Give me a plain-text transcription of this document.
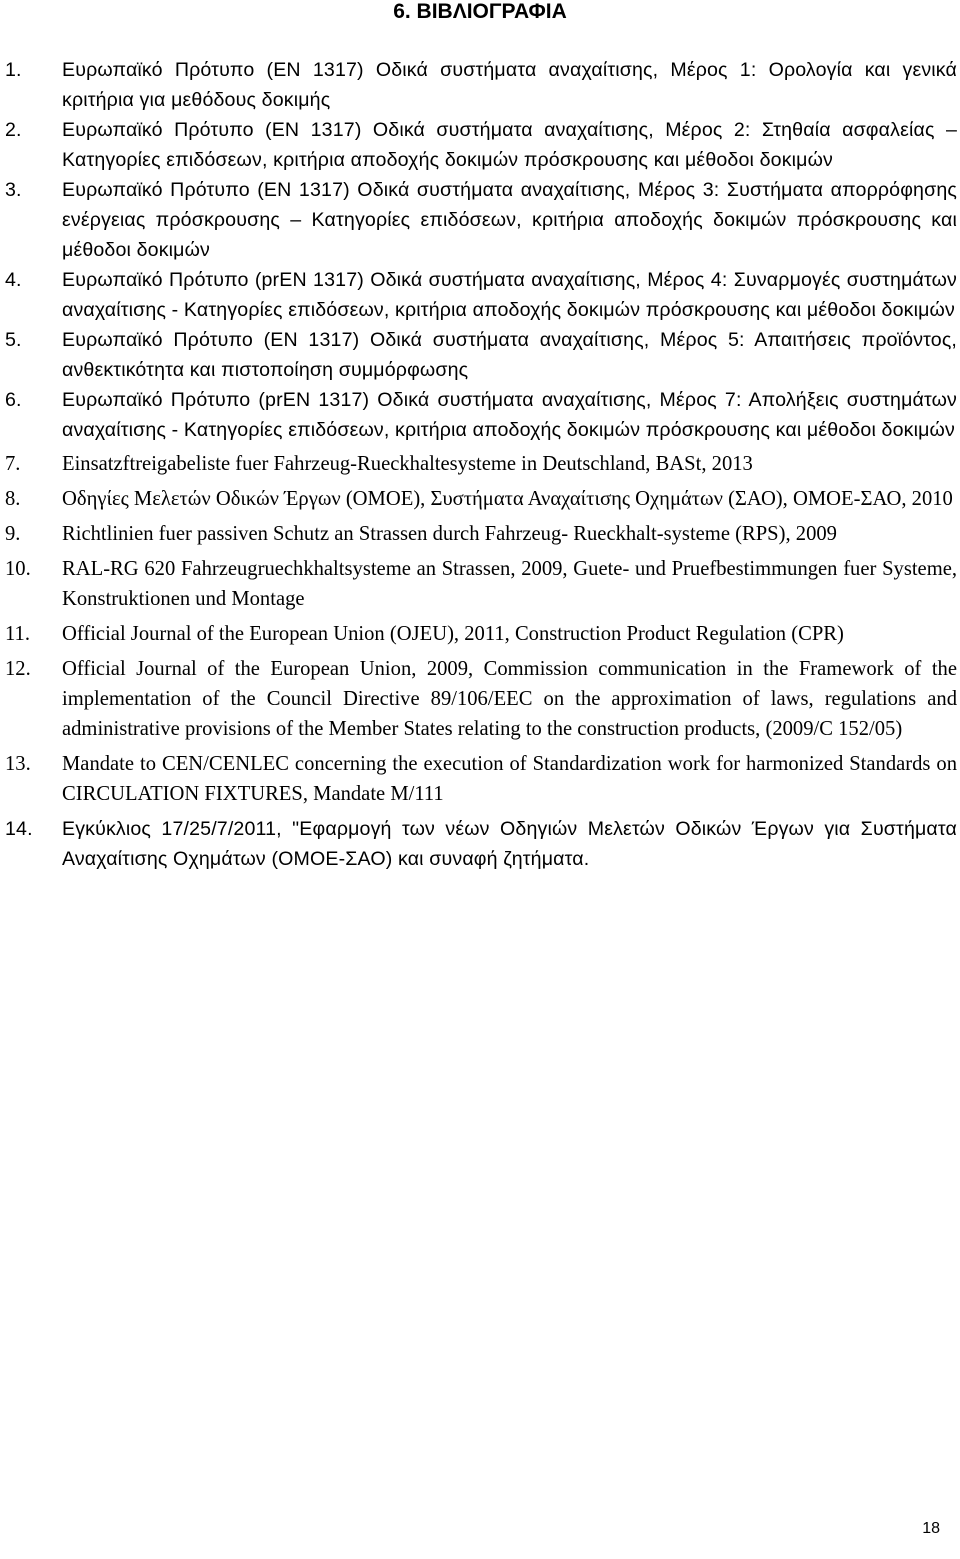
6. ΒΙΒΛΙΟΓΡΑΦΙΑ
1. Ευρωπαϊκό Πρότυπο (ΕΝ 1317) Οδικά συστήματα αναχαίτισης, Μέρος 1: Ορολογία και γενικά κριτήρια για μεθόδους δοκιμής
2. Ευρωπαϊκό Πρότυπο (ΕΝ 1317) Οδικά συστήματα αναχαίτισης, Μέρος 2: Στηθαία ασφαλείας – Κατηγορίες επιδόσεων, κριτήρια αποδοχής δοκιμών πρόσκρουσης και μέθοδοι δοκιμών
3. Ευρωπαϊκό Πρότυπο (ΕΝ 1317) Οδικά συστήματα αναχαίτισης, Μέρος 3: Συστήματα απορρόφησης ενέργειας πρόσκρουσης – Κατηγορίες επιδόσεων, κριτήρια αποδοχής δοκιμών πρόσκρουσης και μέθοδοι δοκιμών
4. Ευρωπαϊκό Πρότυπο (prEN 1317) Οδικά συστήματα αναχαίτισης, Μέρος 4: Συναρμογές συστημάτων αναχαίτισης - Κατηγορίες επιδόσεων, κριτήρια αποδοχής δοκιμών πρόσκρουσης και μέθοδοι δοκιμών
5. Ευρωπαϊκό Πρότυπο (ΕΝ 1317) Οδικά συστήματα αναχαίτισης, Μέρος 5: Απαιτήσεις προϊόντος, ανθεκτικότητα και πιστοποίηση συμμόρφωσης
6. Ευρωπαϊκό Πρότυπο (prEN 1317) Οδικά συστήματα αναχαίτισης, Μέρος 7: Απολήξεις συστημάτων αναχαίτισης - Κατηγορίες επιδόσεων, κριτήρια αποδοχής δοκιμών πρόσκρουσης και μέθοδοι δοκιμών
7. Einsatzftreigabeliste fuer Fahrzeug-Rueckhaltesysteme in Deutschland, BASt, 2013
8. Οδηγίες Μελετών Οδικών Έργων (ΟΜΟΕ), Συστήματα Αναχαίτισης Οχημάτων (ΣΑΟ), ΟΜΟΕ-ΣΑΟ, 2010
9. Richtlinien fuer passiven Schutz an Strassen durch Fahrzeug- Rueckhalt-systeme (RPS), 2009
10. RAL-RG 620 Fahrzeugruechkhaltsysteme an Strassen, 2009, Guete- und Pruefbestimmungen fuer Systeme, Konstruktionen und Montage
11. Official Journal of the European Union (OJEU), 2011, Construction Product Regulation (CPR)
12. Official Journal of the European Union, 2009, Commission communication in the Framework of the implementation of the Council Directive 89/106/EEC on the approximation of laws, regulations and administrative provisions of the Member States relating to the construction products, (2009/C 152/05)
13. Mandate to CEN/CENLEC concerning the execution of Standardization work for harmonized Standards on CIRCULATION FIXTURES, Mandate M/111
14. Εγκύκλιος 17/25/7/2011, "Εφαρμογή των νέων Οδηγιών Μελετών Οδικών Έργων για Συστήματα Αναχαίτισης Οχημάτων (ΟΜΟΕ-ΣΑΟ) και συναφή ζητήματα.
18
